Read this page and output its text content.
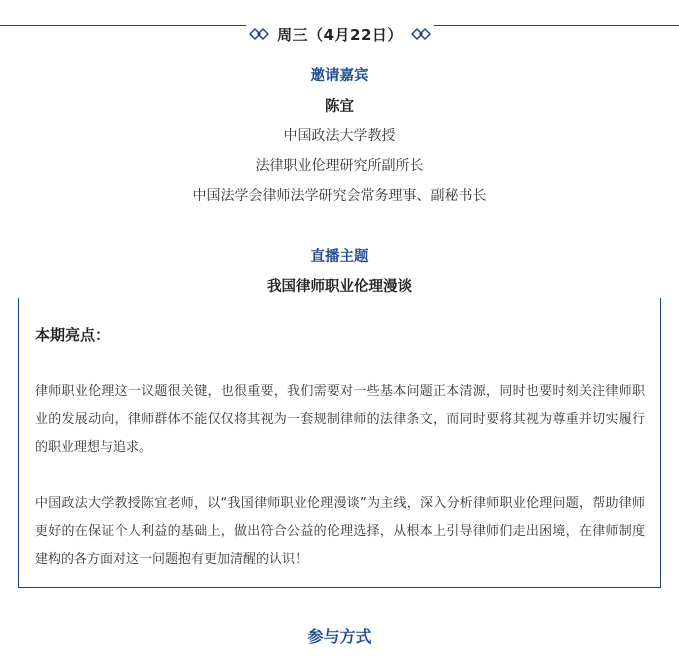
周三（4月22日）
邀请嘉宾
陈宜
中国政法大学教授
法律职业伦理研究所副所长
中国法学会律师法学研究会常务理事、副秘书长
直播主题
我国律师职业伦理漫谈
本期亮点：
律师职业伦理这一议题很关键，也很重要，我们需要对一些基本问题正本清源，同时也要时刻关注律师职业的发展动向，律师群体不能仅仅将其视为一套规制律师的法律条文，而同时要将其视为尊重并切实履行的职业理想与追求。
中国政法大学教授陈宜老师，以“我国律师职业伦理漫谈”为主线，深入分析律师职业伦理问题，帮助律师更好的在保证个人利益的基础上，做出符合公益的伦理选择，从根本上引导律师们走出困境，在律师制度建构的各方面对这一问题抱有更加清醒的认识！
参与方式
